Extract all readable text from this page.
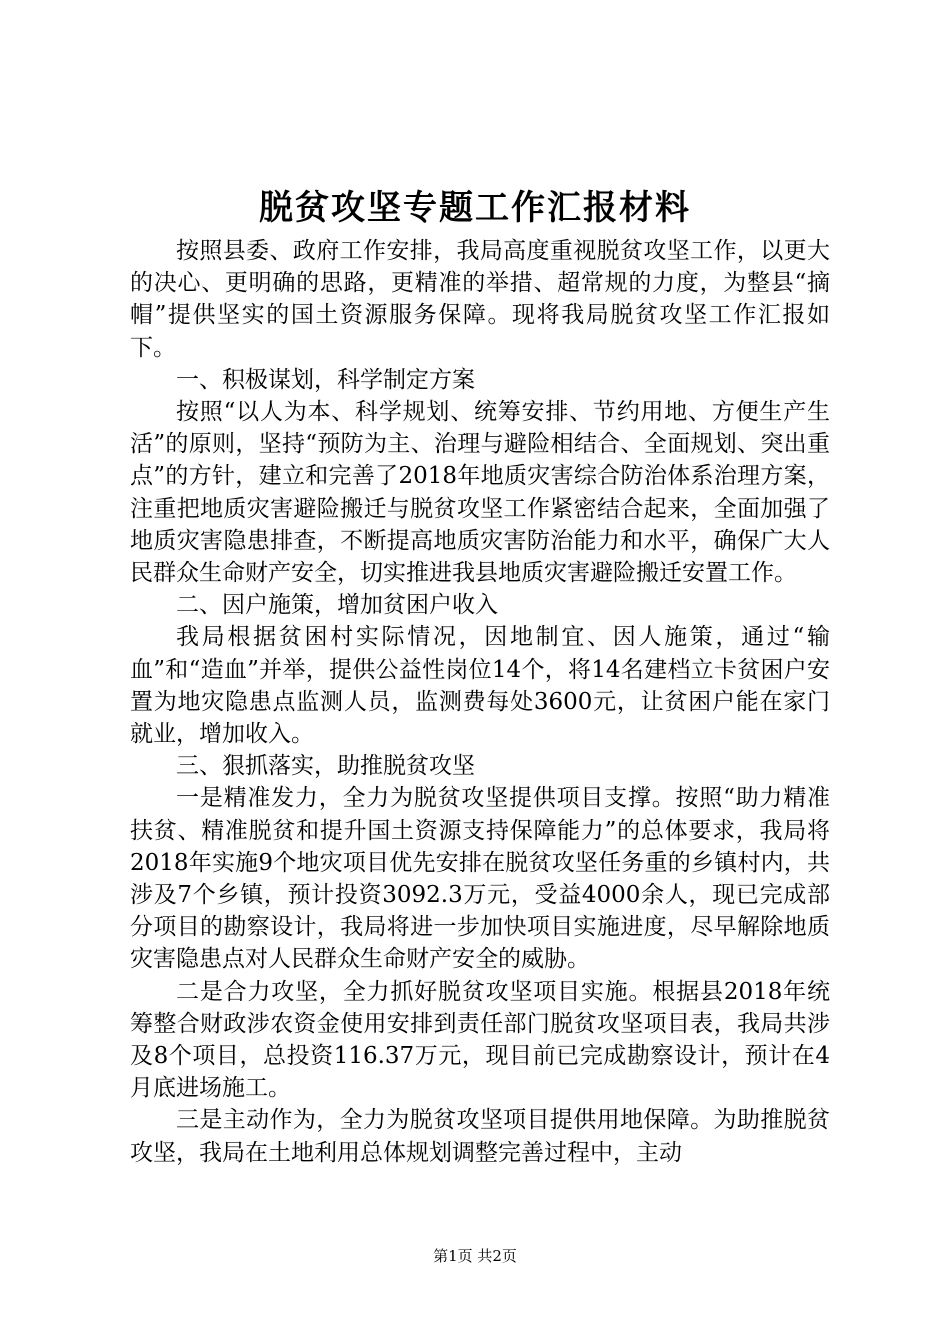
脱贫攻坚专题工作汇报材料

按照县委、政府工作安排，我局高度重视脱贫攻坚工作，以更大的决心、更明确的思路，更精准的举措、超常规的力度，为整县“摘帽”提供坚实的国土资源服务保障。现将我局脱贫攻坚工作汇报如下。

一、积极谋划，科学制定方案

按照“以人为本、科学规划、统筹安排、节约用地、方便生产生活”的原则，坚持“预防为主、治理与避险相结合、全面规划、突出重点”的方针，建立和完善了2018年地质灾害综合防治体系治理方案，注重把地质灾害避险搬迁与脱贫攻坚工作紧密结合起来，全面加强了地质灾害隐患排查，不断提高地质灾害防治能力和水平，确保广大人民群众生命财产安全，切实推进我县地质灾害避险搬迁安置工作。

二、因户施策，增加贫困户收入

我局根据贫困村实际情况，因地制宜、因人施策，通过“输血”和“造血”并举，提供公益性岗位14个，将14名建档立卡贫困户安置为地灾隐患点监测人员，监测费每处3600元，让贫困户能在家门就业，增加收入。

三、狠抓落实，助推脱贫攻坚

一是精准发力，全力为脱贫攻坚提供项目支撑。按照“助力精准扶贫、精准脱贫和提升国土资源支持保障能力”的总体要求，我局将2018年实施9个地灾项目优先安排在脱贫攻坚任务重的乡镇村内，共涉及7个乡镇，预计投资3092.3万元，受益4000余人，现已完成部分项目的勘察设计，我局将进一步加快项目实施进度，尽早解除地质灾害隐患点对人民群众生命财产安全的威胁。

二是合力攻坚，全力抓好脱贫攻坚项目实施。根据县2018年统筹整合财政涉农资金使用安排到责任部门脱贫攻坚项目表，我局共涉及8个项目，总投资116.37万元，现目前已完成勘察设计，预计在4月底进场施工。

三是主动作为，全力为脱贫攻坚项目提供用地保障。为助推脱贫攻坚，我局在土地利用总体规划调整完善过程中，主动

第1页 共2页
